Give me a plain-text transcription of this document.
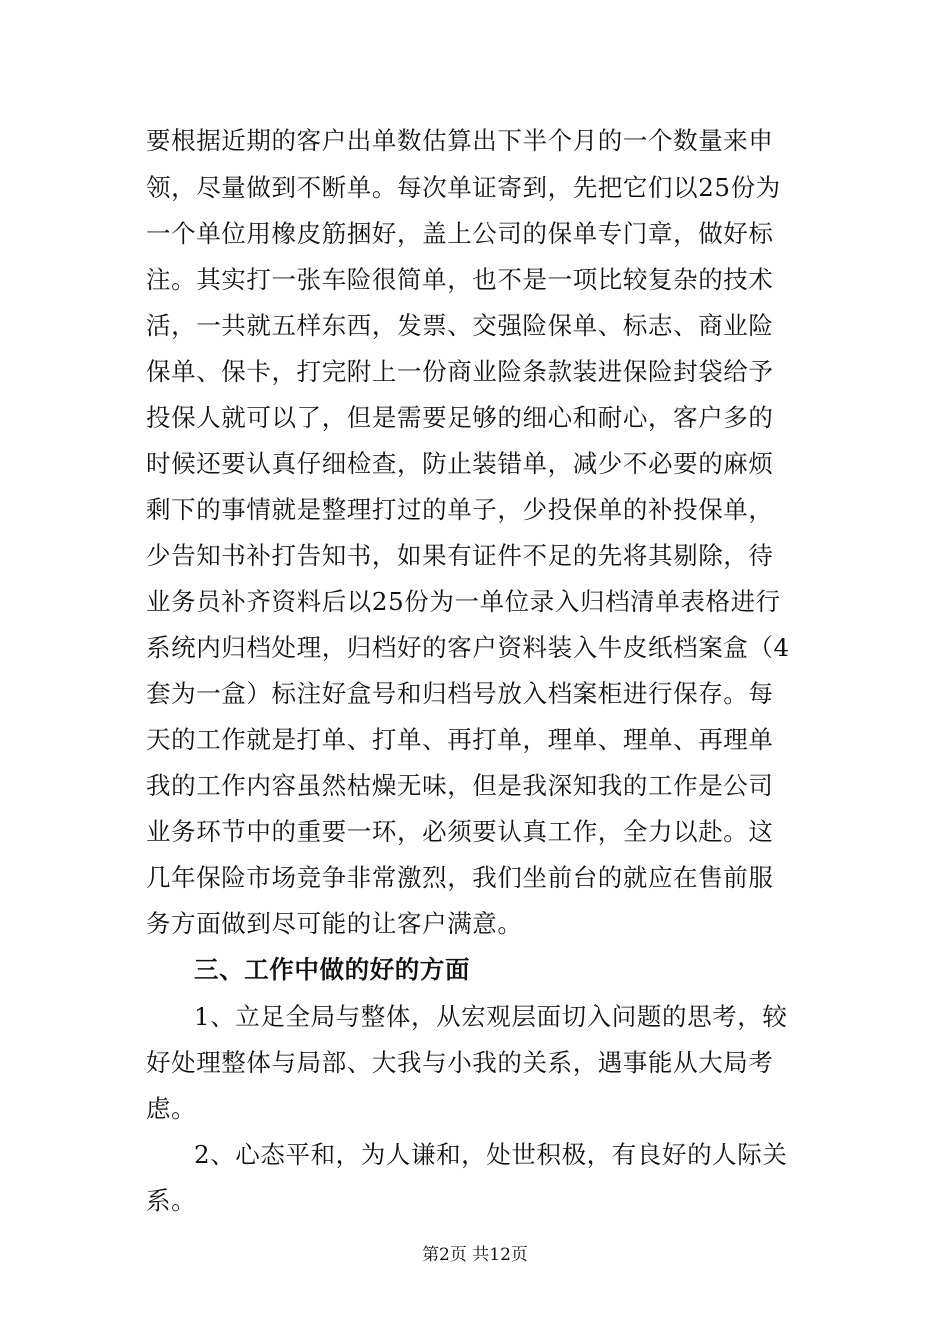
要根据近期的客户出单数估算出下半个月的一个数量来申
领，尽量做到不断单。每次单证寄到，先把它们以25份为
一个单位用橡皮筋捆好，盖上公司的保单专门章，做好标
注。其实打一张车险很简单，也不是一项比较复杂的技术
活，一共就五样东西，发票、交强险保单、标志、商业险
保单、保卡，打完附上一份商业险条款装进保险封袋给予
投保人就可以了，但是需要足够的细心和耐心，客户多的
时候还要认真仔细检查，防止装错单，减少不必要的麻烦
剩下的事情就是整理打过的单子，少投保单的补投保单，
少告知书补打告知书，如果有证件不足的先将其剔除，待
业务员补齐资料后以25份为一单位录入归档清单表格进行
系统内归档处理，归档好的客户资料装入牛皮纸档案盒（4
套为一盒）标注好盒号和归档号放入档案柜进行保存。每
天的工作就是打单、打单、再打单，理单、理单、再理单
我的工作内容虽然枯燥无味，但是我深知我的工作是公司
业务环节中的重要一环，必须要认真工作，全力以赴。这
几年保险市场竞争非常激烈，我们坐前台的就应在售前服
务方面做到尽可能的让客户满意。
三、工作中做的好的方面
1、立足全局与整体，从宏观层面切入问题的思考，较
好处理整体与局部、大我与小我的关系，遇事能从大局考
虑。
2、心态平和，为人谦和，处世积极，有良好的人际关
系。
第2页 共12页
